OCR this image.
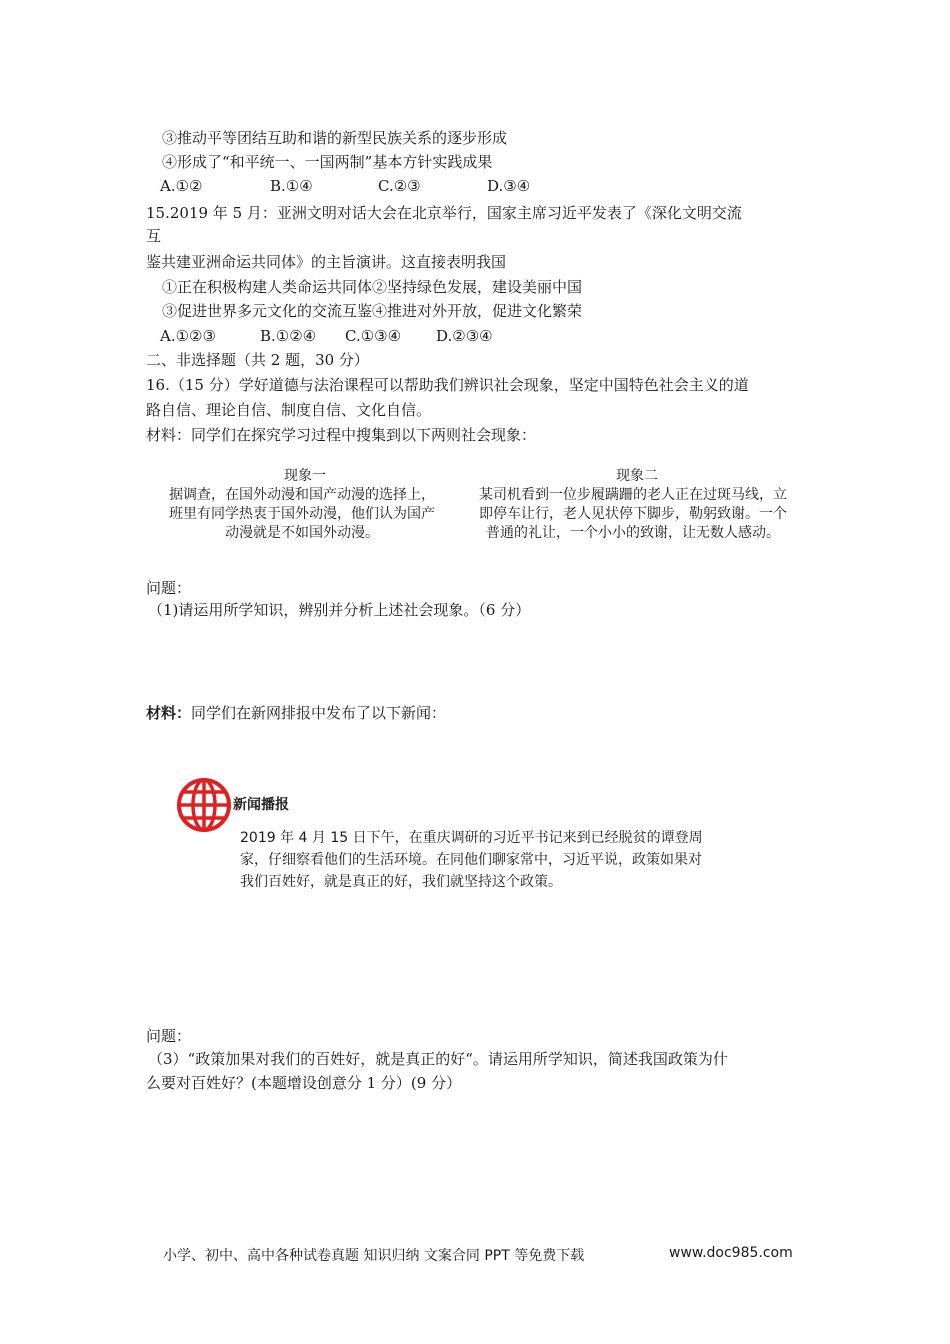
③推动平等团结互助和谐的新型民族关系的逐步形成
④形成了“和平统一、一国两制”基本方针实践成果
A.①②	B.①④	C.②③	D.③④
15.2019 年 5 月：亚洲文明对话大会在北京举行，国家主席习近平发表了《深化文明交流
互
鉴共建亚洲命运共同体》的主旨演讲。这直接表明我国
①正在积极构建人类命运共同体②坚持绿色发展，建设美丽中国
③促进世界多元文化的交流互鉴④推进对外开放，促进文化繁荣
A.①②③	B.①②④ C.①③④ D.②③④
二、非选择题（共 2 题，30 分）
16.（15 分）学好道德与法治课程可以帮助我们辨识社会现象，坚定中国特色社会主义的道
路自信、理论自信、制度自信、文化自信。
材料：同学们在探究学习过程中搜集到以下两则社会现象：
现象一
据调查，在国外动漫和国产动漫的选择上，班里有同学热衷于国外动漫，他们认为国产动漫就是不如国外动漫。
现象二
某司机看到一位步履蹒跚的老人正在过斑马线，立即停车让行，老人见状停下脚步，勒躬致谢。一个普通的礼让，一个小小的致谢，让无数人感动。
问题：
（1)请运用所学知识，辨别并分析上述社会现象。（6 分）
材料：同学们在新网排报中发布了以下新闻：
新闻播报
2019 年 4 月 15 日下午，在重庆调研的习近平书记来到已经脱贫的谭登周家，仔细察看他们的生活环境。在同他们聊家常中，习近平说，政策如果对我们百姓好，就是真正的好，我们就坚持这个政策。
问题：
（3）“政策加果对我们的百姓好，就是真正的好“。请运用所学知识，简述我国政策为什
么要对百姓好？(本题增设创意分 1 分）(9 分）
小学、初中、高中各种试卷真题 知识归纳 文案合同 PPT 等免费下载	www.doc985.com
